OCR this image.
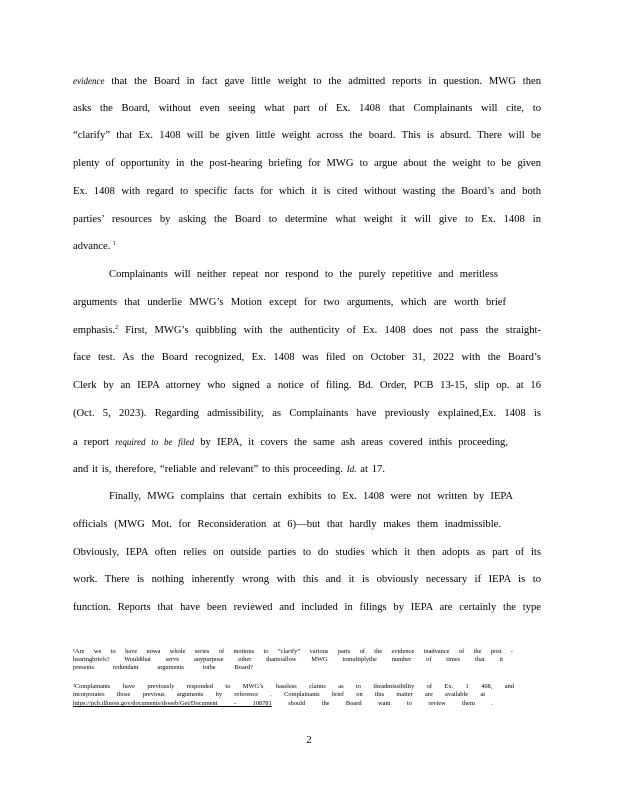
evidence that the Board in fact gave little weight to the admitted reports in question. MWG then
asks the Board, without even seeing what part of Ex. 1408 that Complainants will cite, to
“clarify” that Ex. 1408 will be given little weight across the board. This is absurd. There will be
plenty of opportunity in the post-hearing briefing for MWG to argue about the weight to be given
Ex. 1408 with regard to specific facts for which it is cited without wasting the Board’s and both
parties’ resources by asking the Board to determine what weight it will give to Ex. 1408 in
advance. $^1$
Complainants will neither repeat nor respond to the purely repetitive and meritless
arguments that underlie MWG’s Motion except for two arguments, which are worth brief
emphasis.$^2$ First, MWG’s quibbling with the authenticity of Ex. 1408 does not pass the straight-
face test. As the Board recognized, Ex. 1408 was filed on October 31, 2022 with the Board’s
Clerk by an IEPA attorney who signed a notice of filing. Bd. Order, PCB 13-15, slip op. at 16
(Oct. 5, 2023). Regarding admissibility, as Complainants have previously explained,Ex. 1408 is
a report required to be filed by IEPA, it covers the same ash areas covered inthis proceeding,
and it is, therefore, “reliable and relevant” to this proceeding. Id. at 17.
Finally, MWG complains that certain exhibits to Ex. 1408 were not written by IEPA
officials (MWG Mot. for Reconsideration at 6)—but that hardly makes them inadmissible.
Obviously, IEPA often relies on outside parties to do studies which it then adopts as part of its
work. There is nothing inherently wrong with this and it is obviously necessary if IEPA is to
function. Reports that have been reviewed and included in filings by IEPA are certainly the type
¹Are we to have nowa whole series of motions to “clarify” various parts of the evidence inadvance of the post -
hearingbriefs? Wouldthat serve anypurpose other thantoallow MWG tomultiplythe number of times that it
presents redundant arguments tothe Board?
²Complainants have previously responded to MWG’s baseless claims as to theadmissibility of Ex. 1 408, and
incorporates those previous arguments by reference . Complainants brief on this matter are available at
https://pcb.illinois.gov/documents/dsweb/Get/Document - 108781 should the Board want to review them .
2
